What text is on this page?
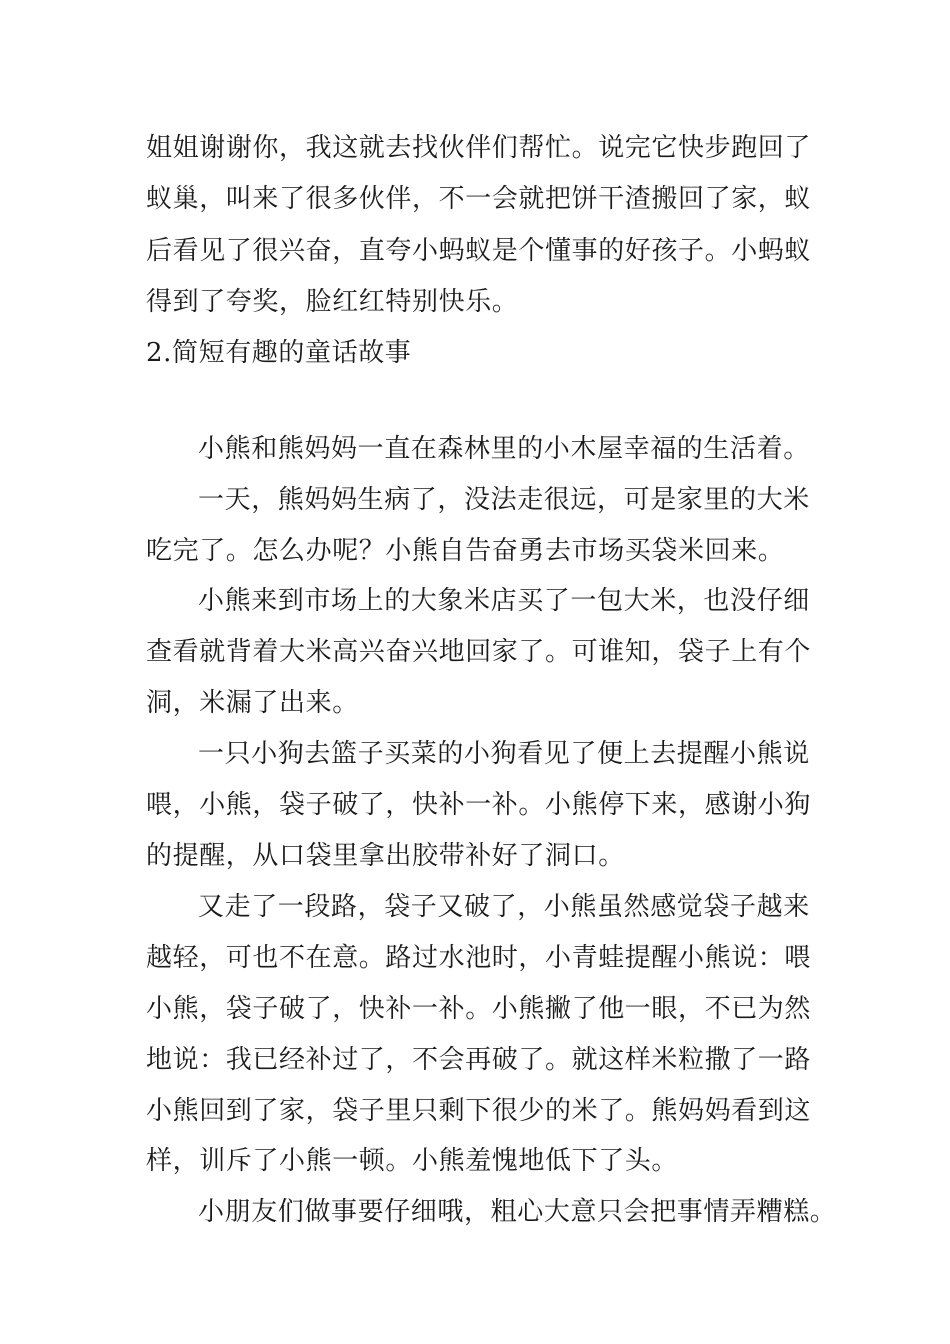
姐姐谢谢你，我这就去找伙伴们帮忙。说完它快步跑回了
蚁巢，叫来了很多伙伴，不一会就把饼干渣搬回了家，蚁
后看见了很兴奋，直夸小蚂蚁是个懂事的好孩子。小蚂蚁
得到了夸奖，脸红红特别快乐。
2.简短有趣的童话故事
小熊和熊妈妈一直在森林里的小木屋幸福的生活着。
一天，熊妈妈生病了，没法走很远，可是家里的大米
吃完了。怎么办呢？小熊自告奋勇去市场买袋米回来。
小熊来到市场上的大象米店买了一包大米，也没仔细
查看就背着大米高兴奋兴地回家了。可谁知，袋子上有个
洞，米漏了出来。
一只小狗去篮子买菜的小狗看见了便上去提醒小熊说
喂，小熊，袋子破了，快补一补。小熊停下来，感谢小狗
的提醒，从口袋里拿出胶带补好了洞口。
又走了一段路，袋子又破了，小熊虽然感觉袋子越来
越轻，可也不在意。路过水池时，小青蛙提醒小熊说：喂
小熊，袋子破了，快补一补。小熊撇了他一眼，不已为然
地说：我已经补过了，不会再破了。就这样米粒撒了一路
小熊回到了家，袋子里只剩下很少的米了。熊妈妈看到这
样，训斥了小熊一顿。小熊羞愧地低下了头。
小朋友们做事要仔细哦，粗心大意只会把事情弄糟糕。
